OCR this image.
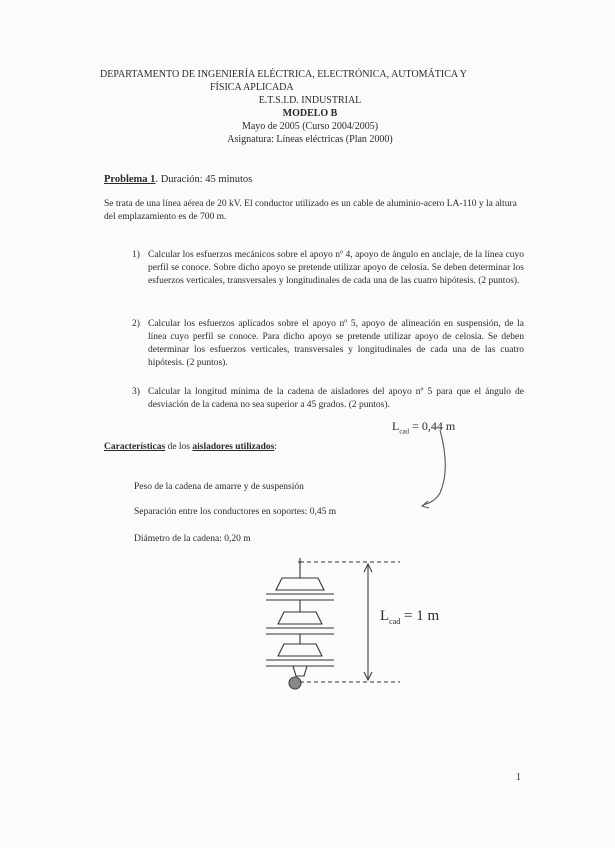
DEPARTAMENTO DE INGENIERÍA ELÉCTRICA, ELECTRÓNICA, AUTOMÁTICA Y
FÍSICA APLICADA
E.T.S.I.D. INDUSTRIAL
MODELO B
Mayo de 2005 (Curso 2004/2005)
Asignatura: Líneas eléctricas (Plan 2000)
Problema 1. Duración: 45 minutos
Se trata de una línea aérea de 20 kV. El conductor utilizado es un cable de aluminio-acero LA-110 y la altura del emplazamiento es de 700 m.
1) Calcular los esfuerzos mecánicos sobre el apoyo nº 4, apoyo de ángulo en anclaje, de la línea cuyo perfil se conoce. Sobre dicho apoyo se pretende utilizar apoyo de celosía. Se deben determinar los esfuerzos verticales, transversales y longitudinales de cada una de las cuatro hipótesis. (2 puntos).
2) Calcular los esfuerzos aplicados sobre el apoyo nº 5, apoyo de alineación en suspensión, de la línea cuyo perfil se conoce. Para dicho apoyo se pretende utilizar apoyo de celosía. Se deben determinar los esfuerzos verticales, transversales y longitudinales de cada una de las cuatro hipótesis. (2 puntos).
3) Calcular la longitud mínima de la cadena de aisladores del apoyo nº 5 para que el ángulo de desviación de la cadena no sea superior a 45 grados. (2 puntos).
$L_{cad} = 0,44$ m
Características de los aisladores utilizados:
Peso de la cadena de amarre y de suspensión
Separación entre los conductores en soportes: 0,45 m
Diámetro de la cadena: 0,20 m
$L_{cad} = 1$ m
1
